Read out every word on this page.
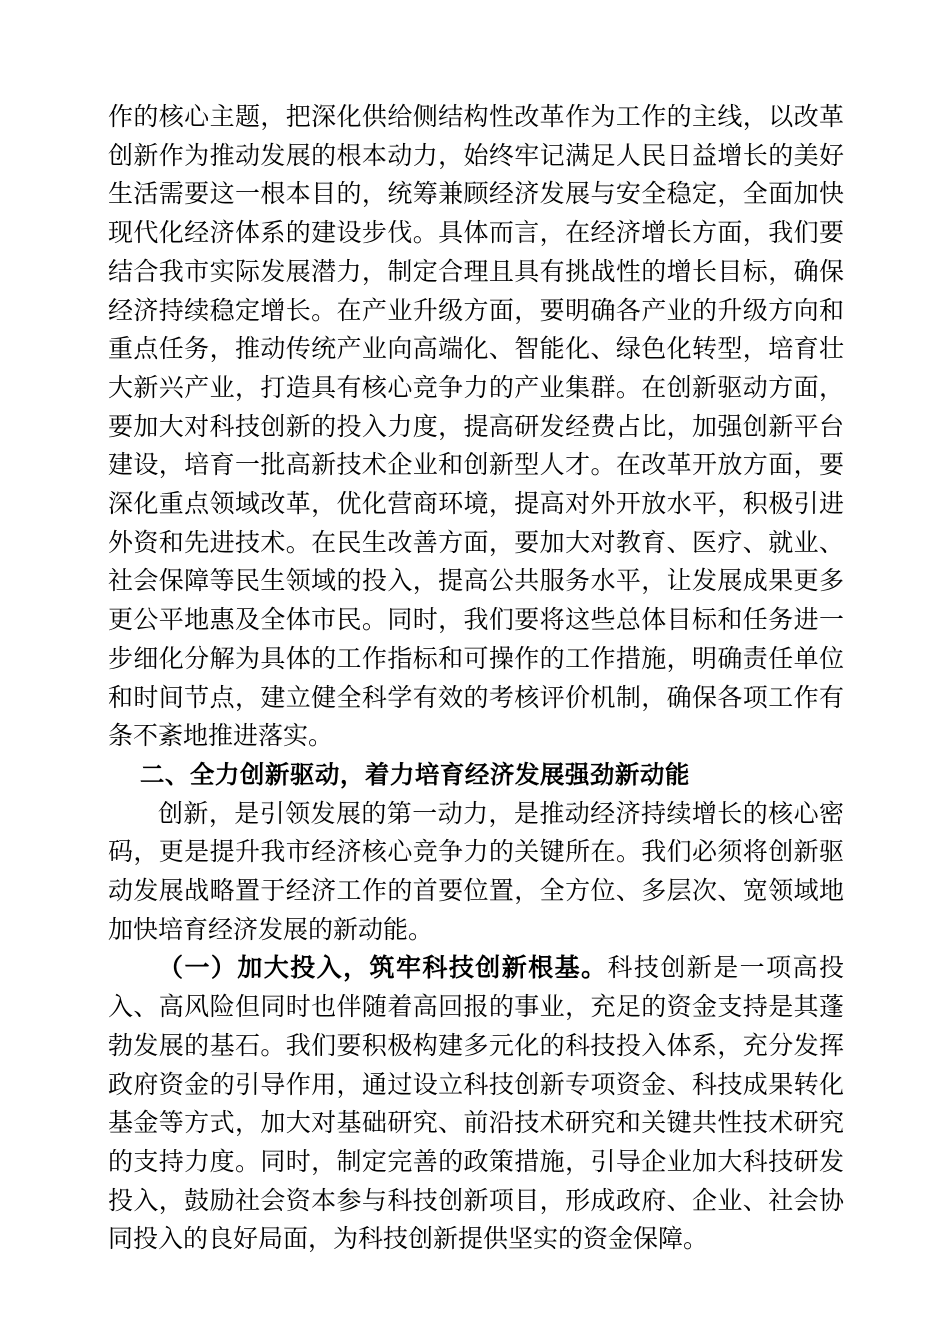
作的核心主题，把深化供给侧结构性改革作为工作的主线，以改革创新作为推动发展的根本动力，始终牢记满足人民日益增长的美好生活需要这一根本目的，统筹兼顾经济发展与安全稳定，全面加快现代化经济体系的建设步伐。具体而言，在经济增长方面，我们要结合我市实际发展潜力，制定合理且具有挑战性的增长目标，确保经济持续稳定增长。在产业升级方面，要明确各产业的升级方向和重点任务，推动传统产业向高端化、智能化、绿色化转型，培育壮大新兴产业，打造具有核心竞争力的产业集群。在创新驱动方面，要加大对科技创新的投入力度，提高研发经费占比，加强创新平台建设，培育一批高新技术企业和创新型人才。在改革开放方面，要深化重点领域改革，优化营商环境，提高对外开放水平，积极引进外资和先进技术。在民生改善方面，要加大对教育、医疗、就业、社会保障等民生领域的投入，提高公共服务水平，让发展成果更多更公平地惠及全体市民。同时，我们要将这些总体目标和任务进一步细化分解为具体的工作指标和可操作的工作措施，明确责任单位和时间节点，建立健全科学有效的考核评价机制，确保各项工作有条不紊地推进落实。

二、全力创新驱动，着力培育经济发展强劲新动能

创新，是引领发展的第一动力，是推动经济持续增长的核心密码，更是提升我市经济核心竞争力的关键所在。我们必须将创新驱动发展战略置于经济工作的首要位置，全方位、多层次、宽领域地加快培育经济发展的新动能。

（一）加大投入，筑牢科技创新根基。科技创新是一项高投入、高风险但同时也伴随着高回报的事业，充足的资金支持是其蓬勃发展的基石。我们要积极构建多元化的科技投入体系，充分发挥政府资金的引导作用，通过设立科技创新专项资金、科技成果转化基金等方式，加大对基础研究、前沿技术研究和关键共性技术研究的支持力度。同时，制定完善的政策措施，引导企业加大科技研发投入，鼓励社会资本参与科技创新项目，形成政府、企业、社会协同投入的良好局面，为科技创新提供坚实的资金保障。
